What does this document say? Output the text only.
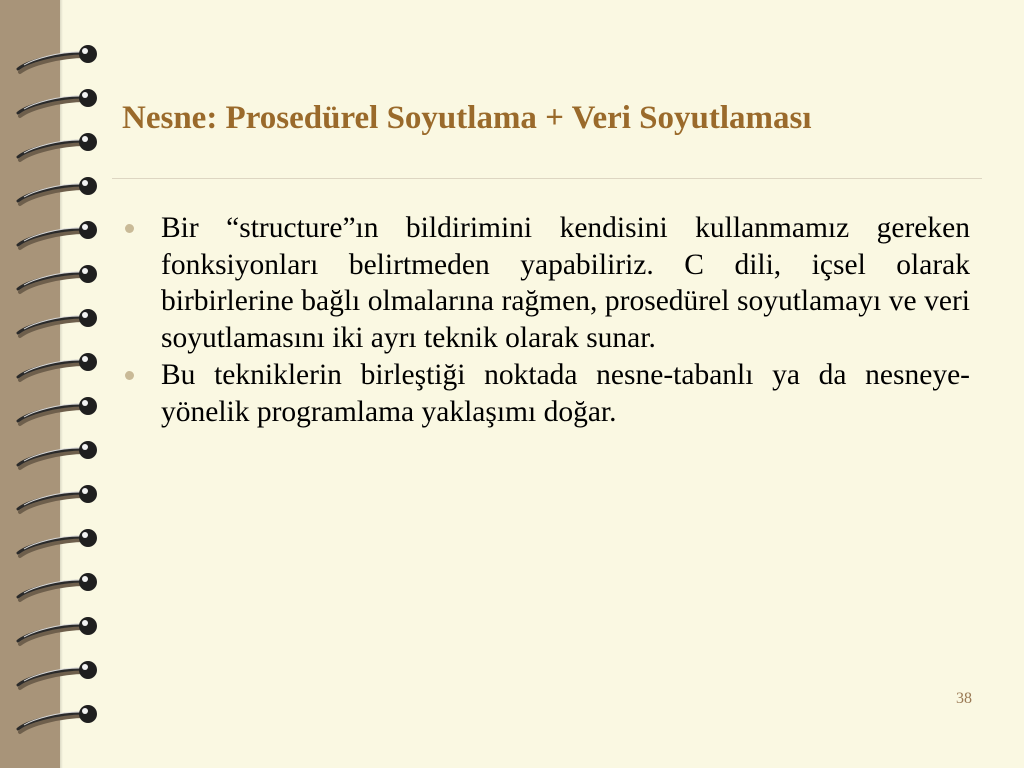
Nesne: Prosedürel Soyutlama + Veri Soyutlaması
Bir “structure”ın bildirimini kendisini kullanmamız gereken fonksiyonları belirtmeden yapabiliriz. C dili, içsel olarak birbirlerine bağlı olmalarına rağmen, prosedürel soyutlamayı ve veri soyutlamasını iki ayrı teknik olarak sunar.
Bu tekniklerin birleştiği noktada nesne-tabanlı ya da nesneye-yönelik programlama yaklaşımı doğar.
38
